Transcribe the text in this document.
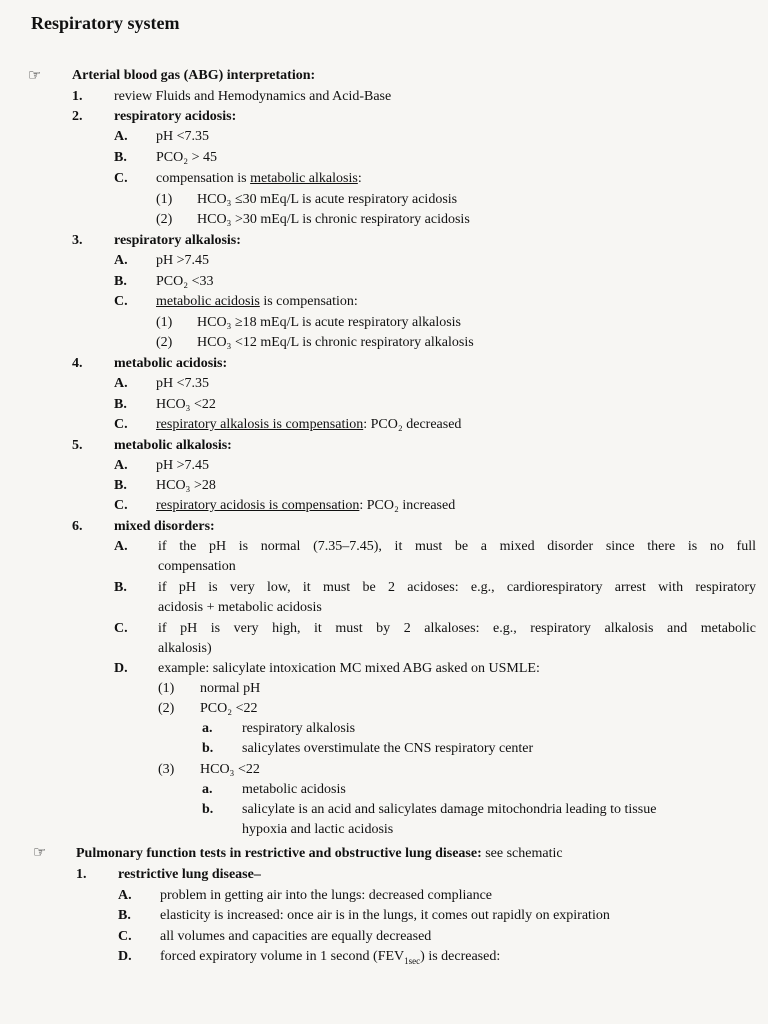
Respiratory system
☞ Arterial blood gas (ABG) interpretation:
1. review Fluids and Hemodynamics and Acid-Base
2. respiratory acidosis:
A. pH <7.35
B. PCO₂ > 45
C. compensation is metabolic alkalosis:
(1) HCO₃ ≤30 mEq/L is acute respiratory acidosis
(2) HCO₃ >30 mEq/L is chronic respiratory acidosis
3. respiratory alkalosis:
A. pH >7.45
B. PCO₂ <33
C. metabolic acidosis is compensation:
(1) HCO₃ ≥18 mEq/L is acute respiratory alkalosis
(2) HCO₃ <12 mEq/L is chronic respiratory alkalosis
4. metabolic acidosis:
A. pH <7.35
B. HCO₃ <22
C. respiratory alkalosis is compensation: PCO₂ decreased
5. metabolic alkalosis:
A. pH >7.45
B. HCO₃ >28
C. respiratory acidosis is compensation: PCO₂ increased
6. mixed disorders:
A. if the pH is normal (7.35–7.45), it must be a mixed disorder since there is no full
compensation
B. if pH is very low, it must be 2 acidoses: e.g., cardiorespiratory arrest with respiratory
acidosis + metabolic acidosis
C. if pH is very high, it must by 2 alkaloses: e.g., respiratory alkalosis and metabolic
alkalosis)
D. example: salicylate intoxication MC mixed ABG asked on USMLE:
(1) normal pH
(2) PCO₂ <22
a. respiratory alkalosis
b. salicylates overstimulate the CNS respiratory center
(3) HCO₃ <22
a. metabolic acidosis
b. salicylate is an acid and salicylates damage mitochondria leading to tissue
hypoxia and lactic acidosis
☞ Pulmonary function tests in restrictive and obstructive lung disease: see schematic
1. restrictive lung disease–
A. problem in getting air into the lungs: decreased compliance
B. elasticity is increased: once air is in the lungs, it comes out rapidly on expiration
C. all volumes and capacities are equally decreased
D. forced expiratory volume in 1 second $(FEV_{1sec})$ is decreased:
